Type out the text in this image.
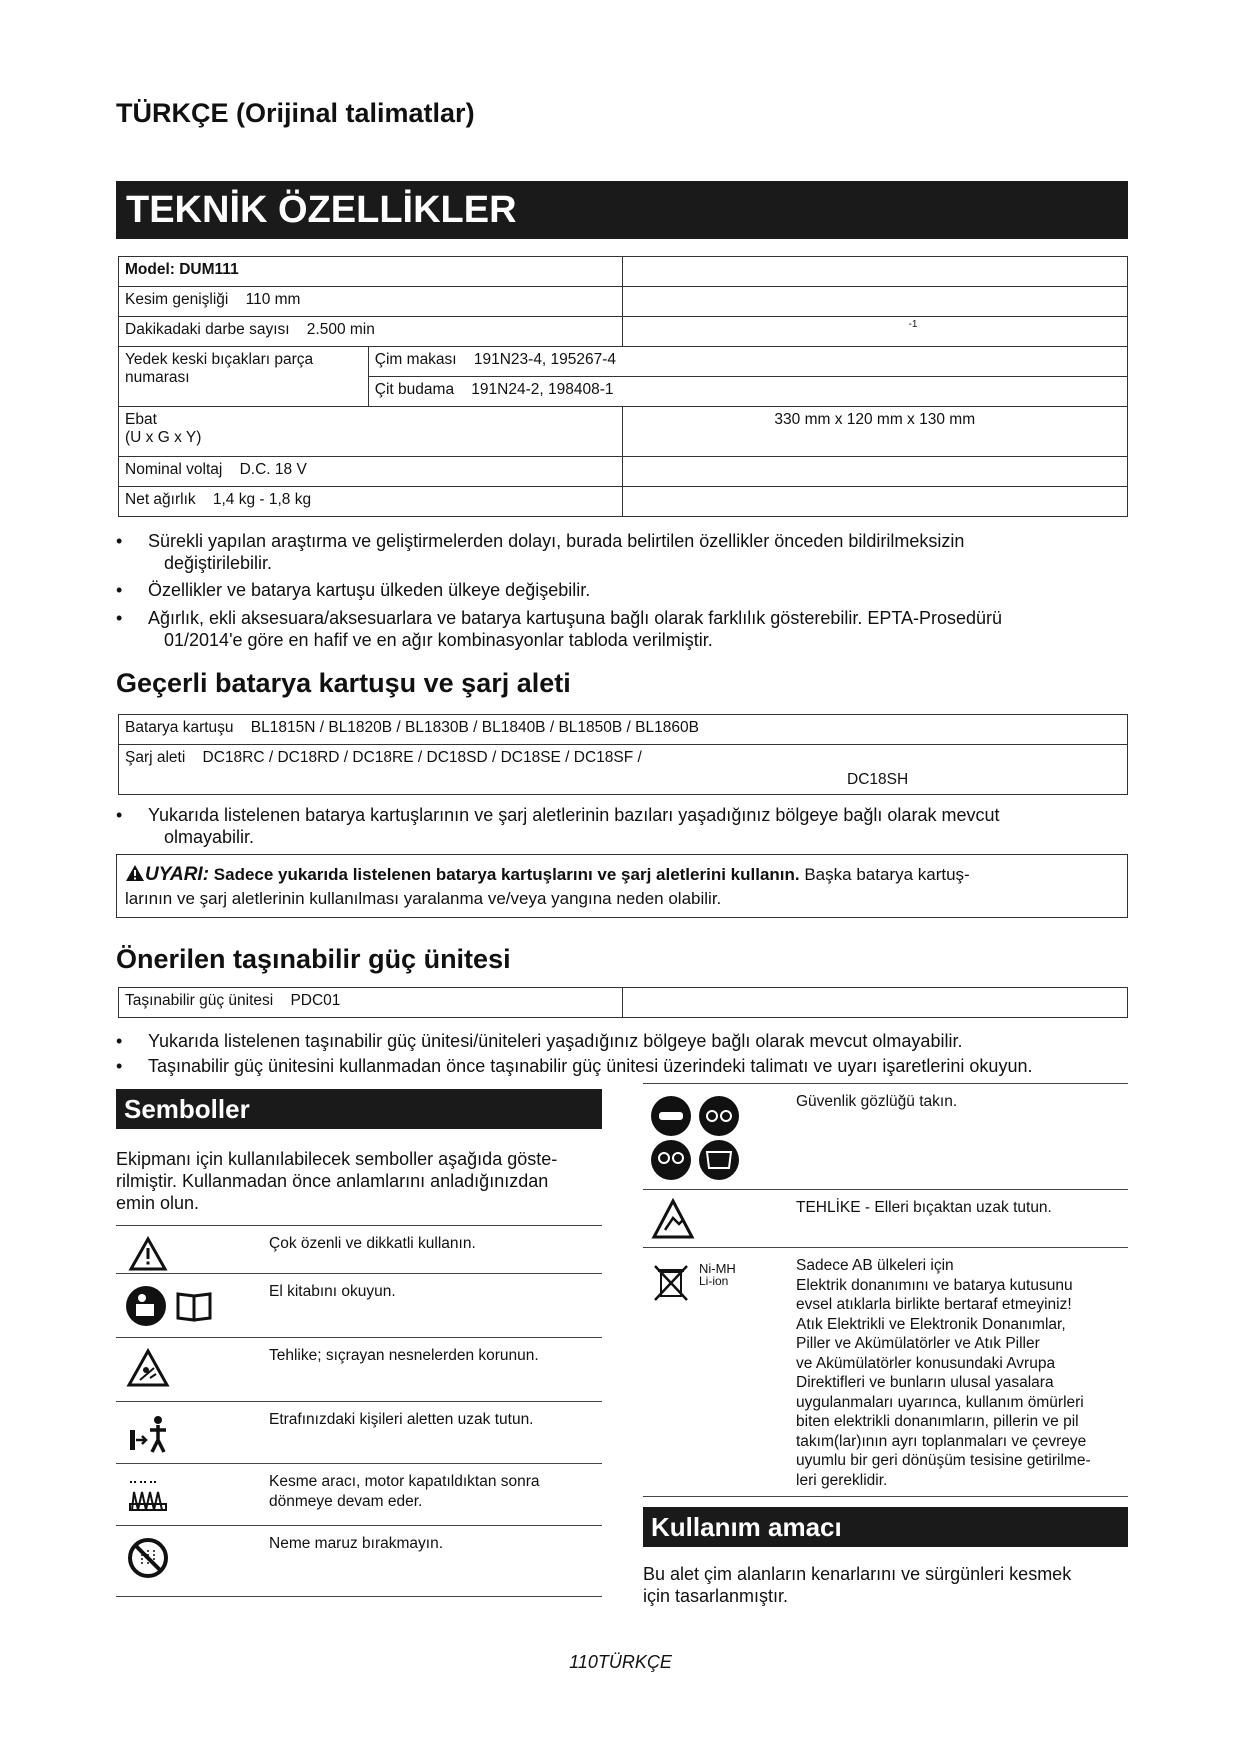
TÜRKÇE (Orijinal talimatlar)
TEKNİK ÖZELLİKLER
Model: DUM111		
Kesim genişliği 110 mm		
Dakikadaki darbe sayısı 2.500 min		-1

Yedek keski bıçakları parça numarası	Çim makası 191N23-4, 195267-4	
	Çit budama 191N24-2, 198408-1	
Ebat
(U x G x Y)		330 mm x 120 mm x 130 mm
Nominal voltaj D.C. 18 V		
Net ağırlık 1,4 kg - 1,8 kg		
• Sürekli yapılan araştırma ve geliştirmelerden dolayı, burada belirtilen özellikler önceden bildirilmeksizin
değiştirilebilir.
• Özellikler ve batarya kartuşu ülkeden ülkeye değişebilir.
• Ağırlık, ekli aksesuara/aksesuarlara ve batarya kartuşuna bağlı olarak farklılık gösterebilir. EPTA-Prosedürü
01/2014'e göre en hafif ve en ağır kombinasyonlar tabloda verilmiştir.
Geçerli batarya kartuşu ve şarj aleti
Batarya kartuşu BL1815N / BL1820B / BL1830B / BL1840B / BL1850B / BL1860B
Şarj aleti DC18RC / DC18RD / DC18RE / DC18SD / DC18SE / DC18SF /

DC18SH
• Yukarıda listelenen batarya kartuşlarının ve şarj aletlerinin bazıları yaşadığınız bölgeye bağlı olarak mevcut
olmayabilir.
UYARI: Sadece yukarıda listelenen batarya kartuşlarını ve şarj aletlerini kullanın. Başka batarya kartuş-
larının ve şarj aletlerinin kullanılması yaralanma ve/veya yangına neden olabilir.
Önerilen taşınabilir güç ünitesi
Taşınabilir güç ünitesi PDC01	
• Yukarıda listelenen taşınabilir güç ünitesi/üniteleri yaşadığınız bölgeye bağlı olarak mevcut olmayabilir.
• Taşınabilir güç ünitesini kullanmadan önce taşınabilir güç ünitesi üzerindeki talimatı ve uyarı işaretlerini okuyun.
Semboller
Ekipmanı için kullanılabilecek semboller aşağıda göste-
rilmiştir. Kullanmadan önce anlamlarını anladığınızdan
emin olun.
Çok özenli ve dikkatli kullanın.
El kitabını okuyun.
Tehlike; sıçrayan nesnelerden korunun.
Etrafınızdaki kişileri aletten uzak tutun.
Kesme aracı, motor kapatıldıktan sonra
dönmeye devam eder.
Neme maruz bırakmayın.
Güvenlik gözlüğü takın.
TEHLİKE - Elleri bıçaktan uzak tutun.
Ni-MH
Li-ion
Sadece AB ülkeleri için
Elektrik donanımını ve batarya kutusunu
evsel atıklarla birlikte bertaraf etmeyiniz!
Atık Elektrikli ve Elektronik Donanımlar,
Piller ve Akümülatörler ve Atık Piller
ve Akümülatörler konusundaki Avrupa
Direktifleri ve bunların ulusal yasalara
uygulanmaları uyarınca, kullanım ömürleri
biten elektrikli donanımların, pillerin ve pil
takım(lar)ının ayrı toplanmaları ve çevreye
uyumlu bir geri dönüşüm tesisine getirilme-
leri gereklidir.
Kullanım amacı
Bu alet çim alanların kenarlarını ve sürgünleri kesmek
için tasarlanmıştır.
110TÜRKÇE
